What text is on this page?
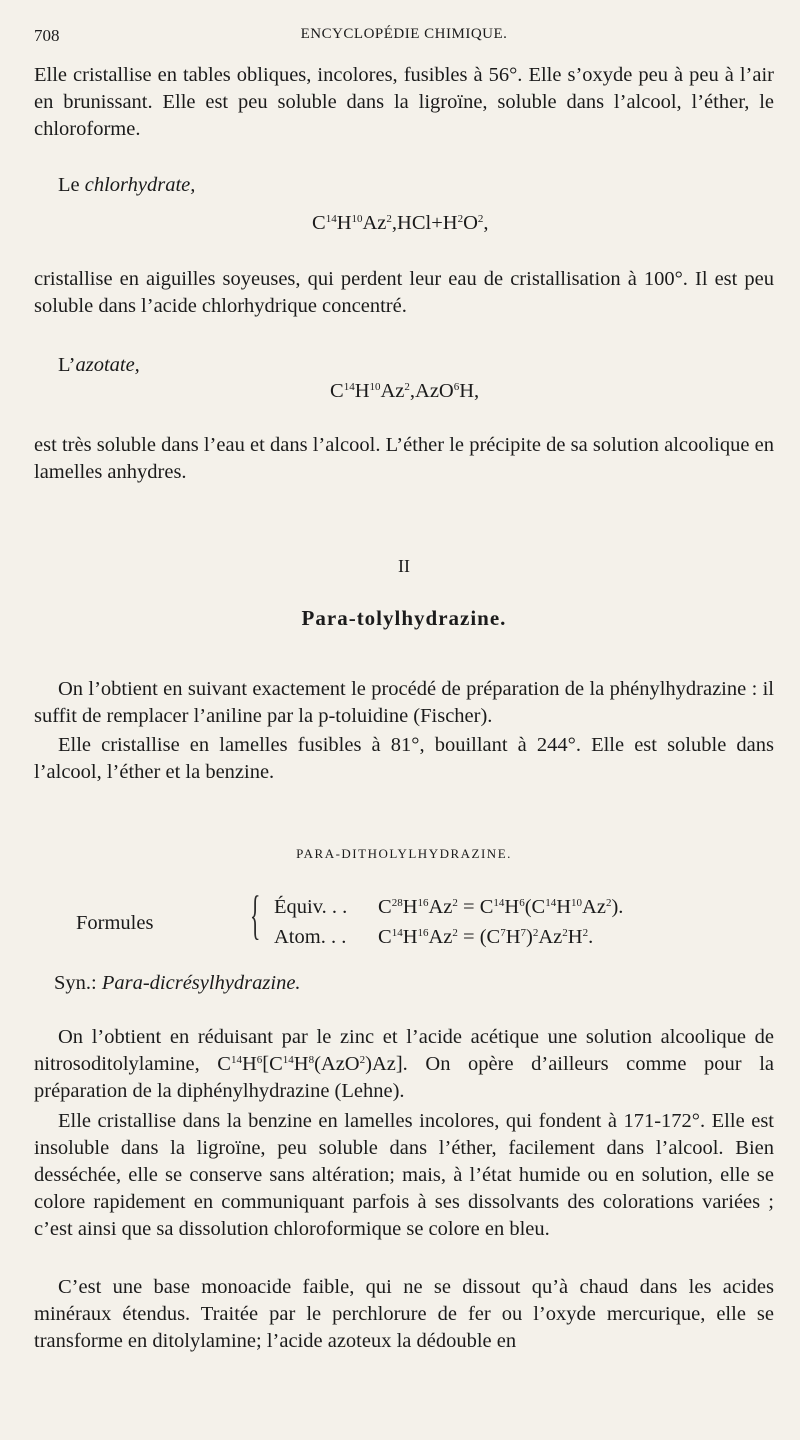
708	ENCYCLOPÉDIE CHIMIQUE.
Elle cristallise en tables obliques, incolores, fusibles à 56°. Elle s’oxyde peu à peu à l’air en brunissant. Elle est peu soluble dans la ligroïne, soluble dans l’alcool, l’éther, le chloroforme.
Le chlorhydrate,
$C^{14}H^{10}Az^2,HCl+H^2O^2$,
cristallise en aiguilles soyeuses, qui perdent leur eau de cristallisation à 100°. Il est peu soluble dans l’acide chlorhydrique concentré.
L’azotate,
$C^{14}H^{10}Az^2,AzO^6H$,
est très soluble dans l’eau et dans l’alcool. L’éther le précipite de sa solution alcoolique en lamelles anhydres.
II
Para-tolylhydrazine.
On l’obtient en suivant exactement le procédé de préparation de la phénylhydrazine : il suffit de remplacer l’aniline par la p-toluidine (Fischer).
Elle cristallise en lamelles fusibles à 81°, bouillant à 244°. Elle est soluble dans l’alcool, l’éther et la benzine.
PARA-DITHOLYLHYDRAZINE.
Formules { Équiv. . . $C^{28}H^{16}Az^2 = C^{14}H^6(C^{14}H^{10}Az^2)$.
Atom. . . $C^{14}H^{16}Az^2 = (C^7H^7)^2Az^2H^2$.
Syn.: Para-dicrésylhydrazine.
On l’obtient en réduisant par le zinc et l’acide acétique une solution alcoolique de nitrosoditolylamine, $C^{14}H^6[C^{14}H^8(AzO^2)Az]$. On opère d’ailleurs comme pour la préparation de la diphénylhydrazine (Lehne).
Elle cristallise dans la benzine en lamelles incolores, qui fondent à 171-172°. Elle est insoluble dans la ligroïne, peu soluble dans l’éther, facilement dans l’alcool. Bien desséchée, elle se conserve sans altération; mais, à l’état humide ou en solution, elle se colore rapidement en communiquant parfois à ses dissolvants des colorations variées ; c’est ainsi que sa dissolution chloroformique se colore en bleu.
C’est une base monoacide faible, qui ne se dissout qu’à chaud dans les acides minéraux étendus. Traitée par le perchlorure de fer ou l’oxyde mercurique, elle se transforme en ditolylamine; l’acide azoteux la dédouble en
